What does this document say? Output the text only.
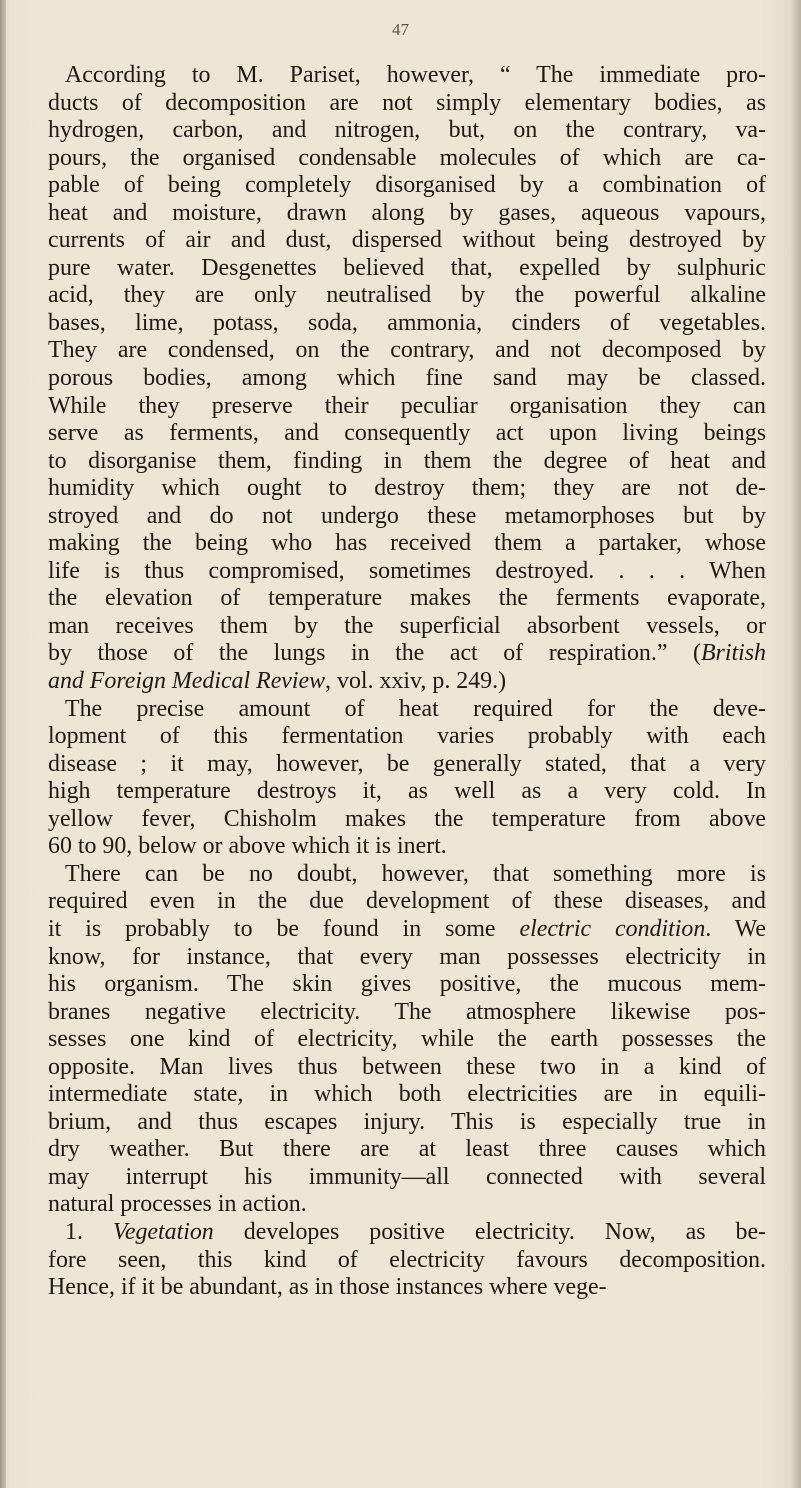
47
According to M. Pariset, however, “ The immediate pro-
ducts of decomposition are not simply elementary bodies, as
hydrogen, carbon, and nitrogen, but, on the contrary, va-
pours, the organised condensable molecules of which are ca-
pable of being completely disorganised by a combination of
heat and moisture, drawn along by gases, aqueous vapours,
currents of air and dust, dispersed without being destroyed by
pure water. Desgenettes believed that, expelled by sulphuric
acid, they are only neutralised by the powerful alkaline
bases, lime, potass, soda, ammonia, cinders of vegetables.
They are condensed, on the contrary, and not decomposed by
porous bodies, among which fine sand may be classed.
While they preserve their peculiar organisation they can
serve as ferments, and consequently act upon living beings
to disorganise them, finding in them the degree of heat and
humidity which ought to destroy them; they are not de-
stroyed and do not undergo these metamorphoses but by
making the being who has received them a partaker, whose
life is thus compromised, sometimes destroyed. . . . When
the elevation of temperature makes the ferments evaporate,
man receives them by the superficial absorbent vessels, or
by those of the lungs in the act of respiration.” (British
and Foreign Medical Review, vol. xxiv, p. 249.)
The precise amount of heat required for the deve-
lopment of this fermentation varies probably with each
disease ; it may, however, be generally stated, that a very
high temperature destroys it, as well as a very cold. In
yellow fever, Chisholm makes the temperature from above
60 to 90, below or above which it is inert.
There can be no doubt, however, that something more is
required even in the due development of these diseases, and
it is probably to be found in some electric condition. We
know, for instance, that every man possesses electricity in
his organism. The skin gives positive, the mucous mem-
branes negative electricity. The atmosphere likewise pos-
sesses one kind of electricity, while the earth possesses the
opposite. Man lives thus between these two in a kind of
intermediate state, in which both electricities are in equili-
brium, and thus escapes injury. This is especially true in
dry weather. But there are at least three causes which
may interrupt his immunity—all connected with several
natural processes in action.
1. Vegetation developes positive electricity. Now, as be-
fore seen, this kind of electricity favours decomposition.
Hence, if it be abundant, as in those instances where vege-
